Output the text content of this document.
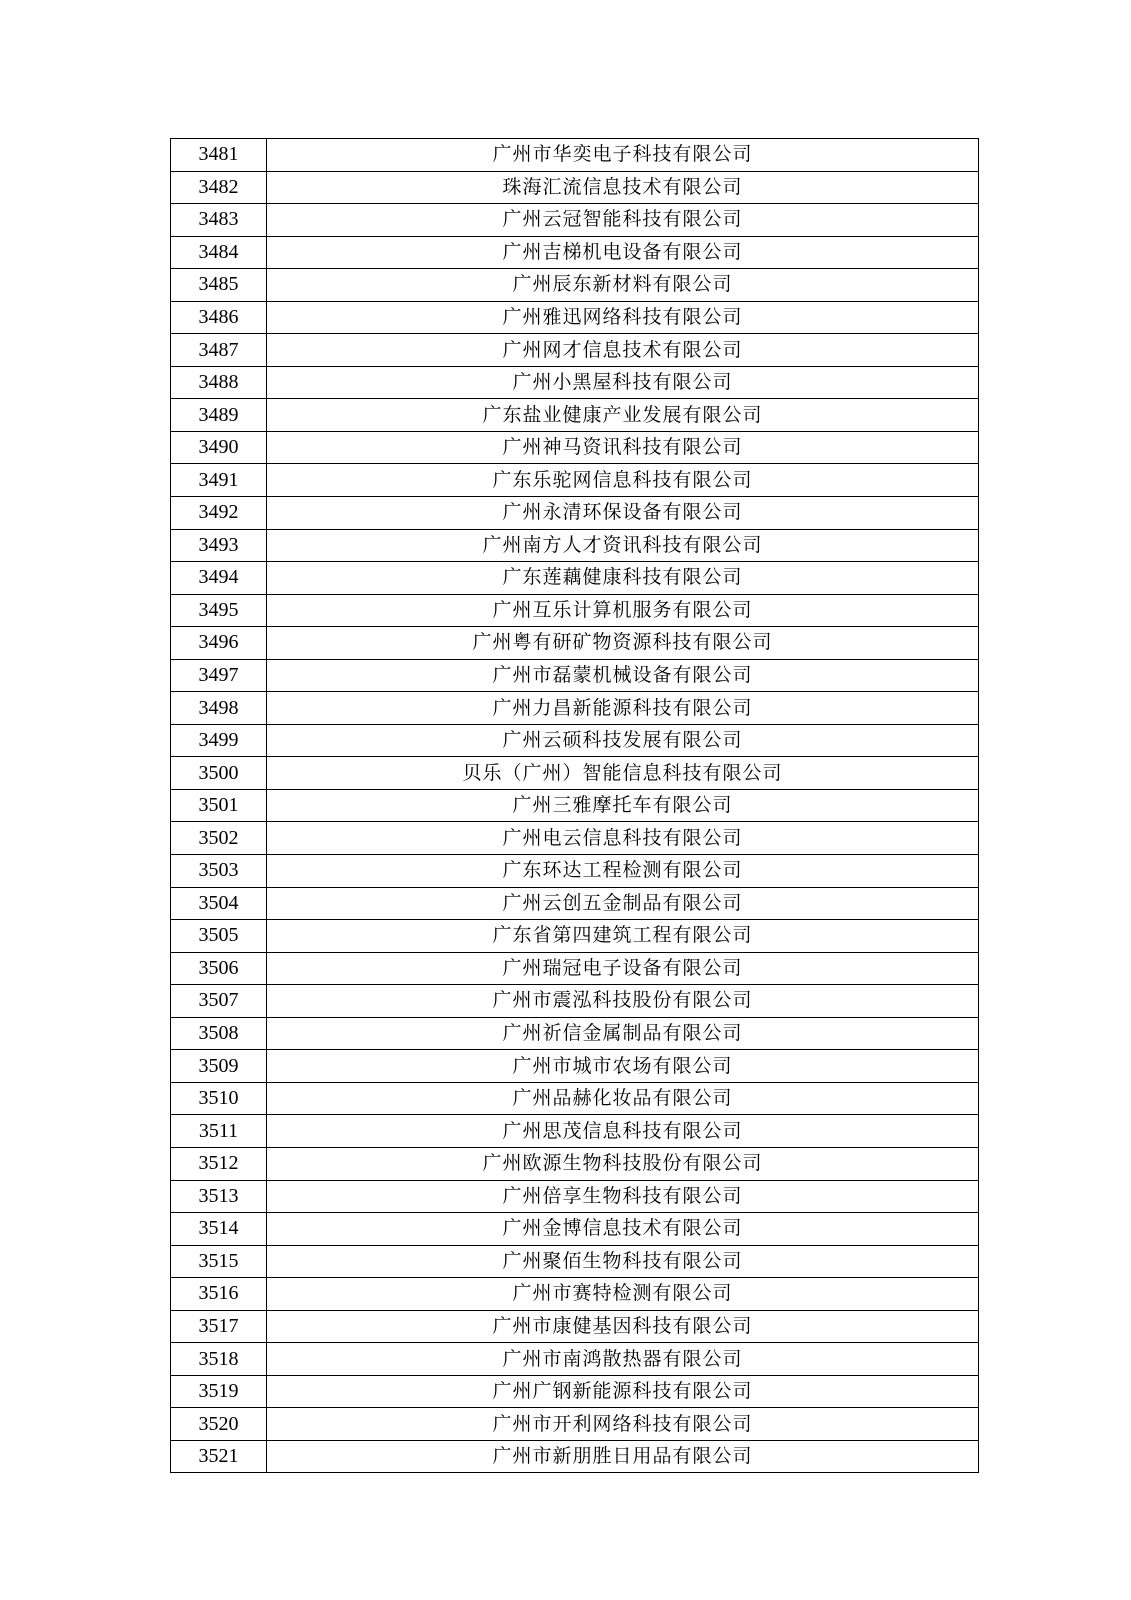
3481	广州市华奕电子科技有限公司
3482	珠海汇流信息技术有限公司
3483	广州云冠智能科技有限公司
3484	广州吉梯机电设备有限公司
3485	广州辰东新材料有限公司
3486	广州雅迅网络科技有限公司
3487	广州网才信息技术有限公司
3488	广州小黑屋科技有限公司
3489	广东盐业健康产业发展有限公司
3490	广州神马资讯科技有限公司
3491	广东乐驼网信息科技有限公司
3492	广州永清环保设备有限公司
3493	广州南方人才资讯科技有限公司
3494	广东莲藕健康科技有限公司
3495	广州互乐计算机服务有限公司
3496	广州粤有研矿物资源科技有限公司
3497	广州市磊蒙机械设备有限公司
3498	广州力昌新能源科技有限公司
3499	广州云硕科技发展有限公司
3500	贝乐（广州）智能信息科技有限公司
3501	广州三雅摩托车有限公司
3502	广州电云信息科技有限公司
3503	广东环达工程检测有限公司
3504	广州云创五金制品有限公司
3505	广东省第四建筑工程有限公司
3506	广州瑞冠电子设备有限公司
3507	广州市震泓科技股份有限公司
3508	广州祈信金属制品有限公司
3509	广州市城市农场有限公司
3510	广州品赫化妆品有限公司
3511	广州思茂信息科技有限公司
3512	广州欧源生物科技股份有限公司
3513	广州倍享生物科技有限公司
3514	广州金博信息技术有限公司
3515	广州聚佰生物科技有限公司
3516	广州市赛特检测有限公司
3517	广州市康健基因科技有限公司
3518	广州市南鸿散热器有限公司
3519	广州广钢新能源科技有限公司
3520	广州市开利网络科技有限公司
3521	广州市新朋胜日用品有限公司
